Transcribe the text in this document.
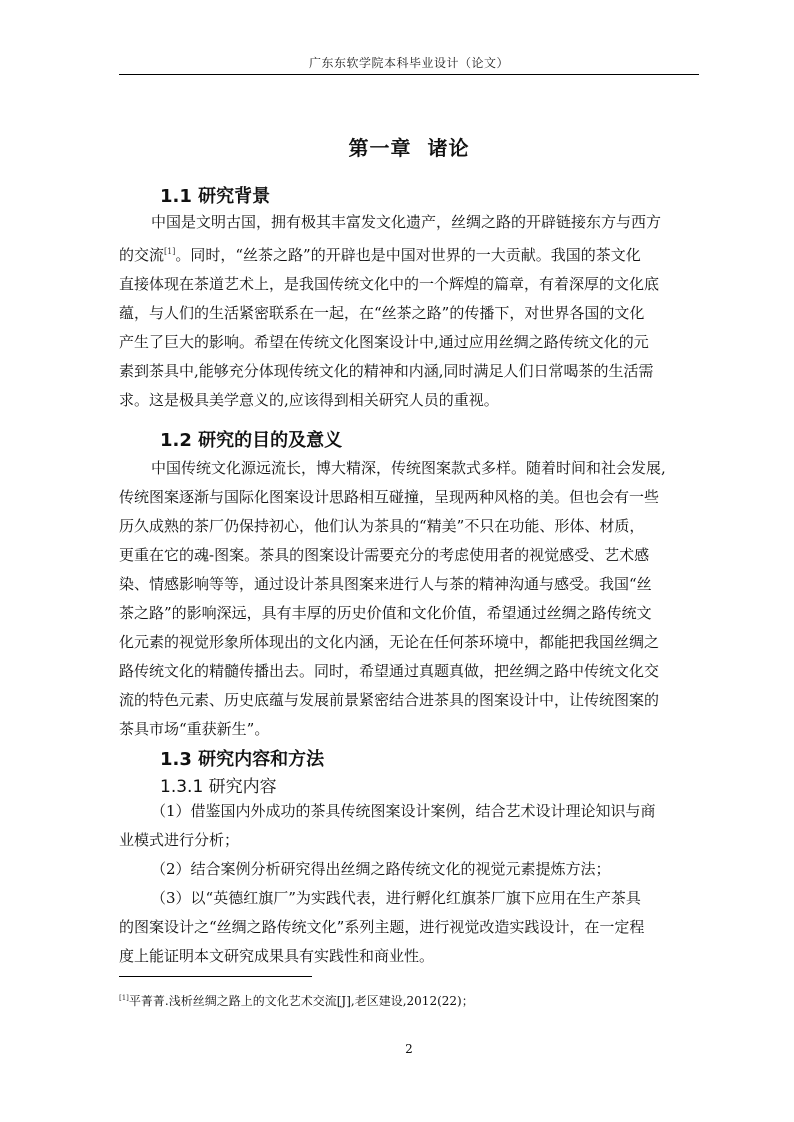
广东东软学院本科毕业设计（论文）
第一章 诸论
1.1 研究背景
中国是文明古国，拥有极其丰富发文化遗产，丝绸之路的开辟链接东方与西方
的交流[1]。同时，“丝茶之路”的开辟也是中国对世界的一大贡献。我国的茶文化
直接体现在茶道艺术上，是我国传统文化中的一个辉煌的篇章，有着深厚的文化底
蕴，与人们的生活紧密联系在一起，在“丝茶之路”的传播下，对世界各国的文化
产生了巨大的影响。希望在传统文化图案设计中,通过应用丝绸之路传统文化的元
素到茶具中,能够充分体现传统文化的精神和内涵,同时满足人们日常喝茶的生活需
求。这是极具美学意义的,应该得到相关研究人员的重视。
1.2 研究的目的及意义
中国传统文化源远流长，博大精深，传统图案款式多样。随着时间和社会发展,
传统图案逐渐与国际化图案设计思路相互碰撞，呈现两种风格的美。但也会有一些
历久成熟的茶厂仍保持初心，他们认为茶具的“精美”不只在功能、形体、材质，
更重在它的魂-图案。茶具的图案设计需要充分的考虑使用者的视觉感受、艺术感
染、情感影响等等，通过设计茶具图案来进行人与茶的精神沟通与感受。我国“丝
茶之路”的影响深远，具有丰厚的历史价值和文化价值，希望通过丝绸之路传统文
化元素的视觉形象所体现出的文化内涵，无论在任何茶环境中，都能把我国丝绸之
路传统文化的精髓传播出去。同时，希望通过真题真做，把丝绸之路中传统文化交
流的特色元素、历史底蕴与发展前景紧密结合进茶具的图案设计中，让传统图案的
茶具市场“重获新生”。
1.3 研究内容和方法
1.3.1 研究内容
（1）借鉴国内外成功的茶具传统图案设计案例，结合艺术设计理论知识与商
业模式进行分析；
（2）结合案例分析研究得出丝绸之路传统文化的视觉元素提炼方法；
（3）以“英德红旗厂”为实践代表，进行孵化红旗茶厂旗下应用在生产茶具
的图案设计之“丝绸之路传统文化”系列主题，进行视觉改造实践设计，在一定程
度上能证明本文研究成果具有实践性和商业性。
[1]平菁菁.浅析丝绸之路上的文化艺术交流[J],老区建设,2012(22)；
2
